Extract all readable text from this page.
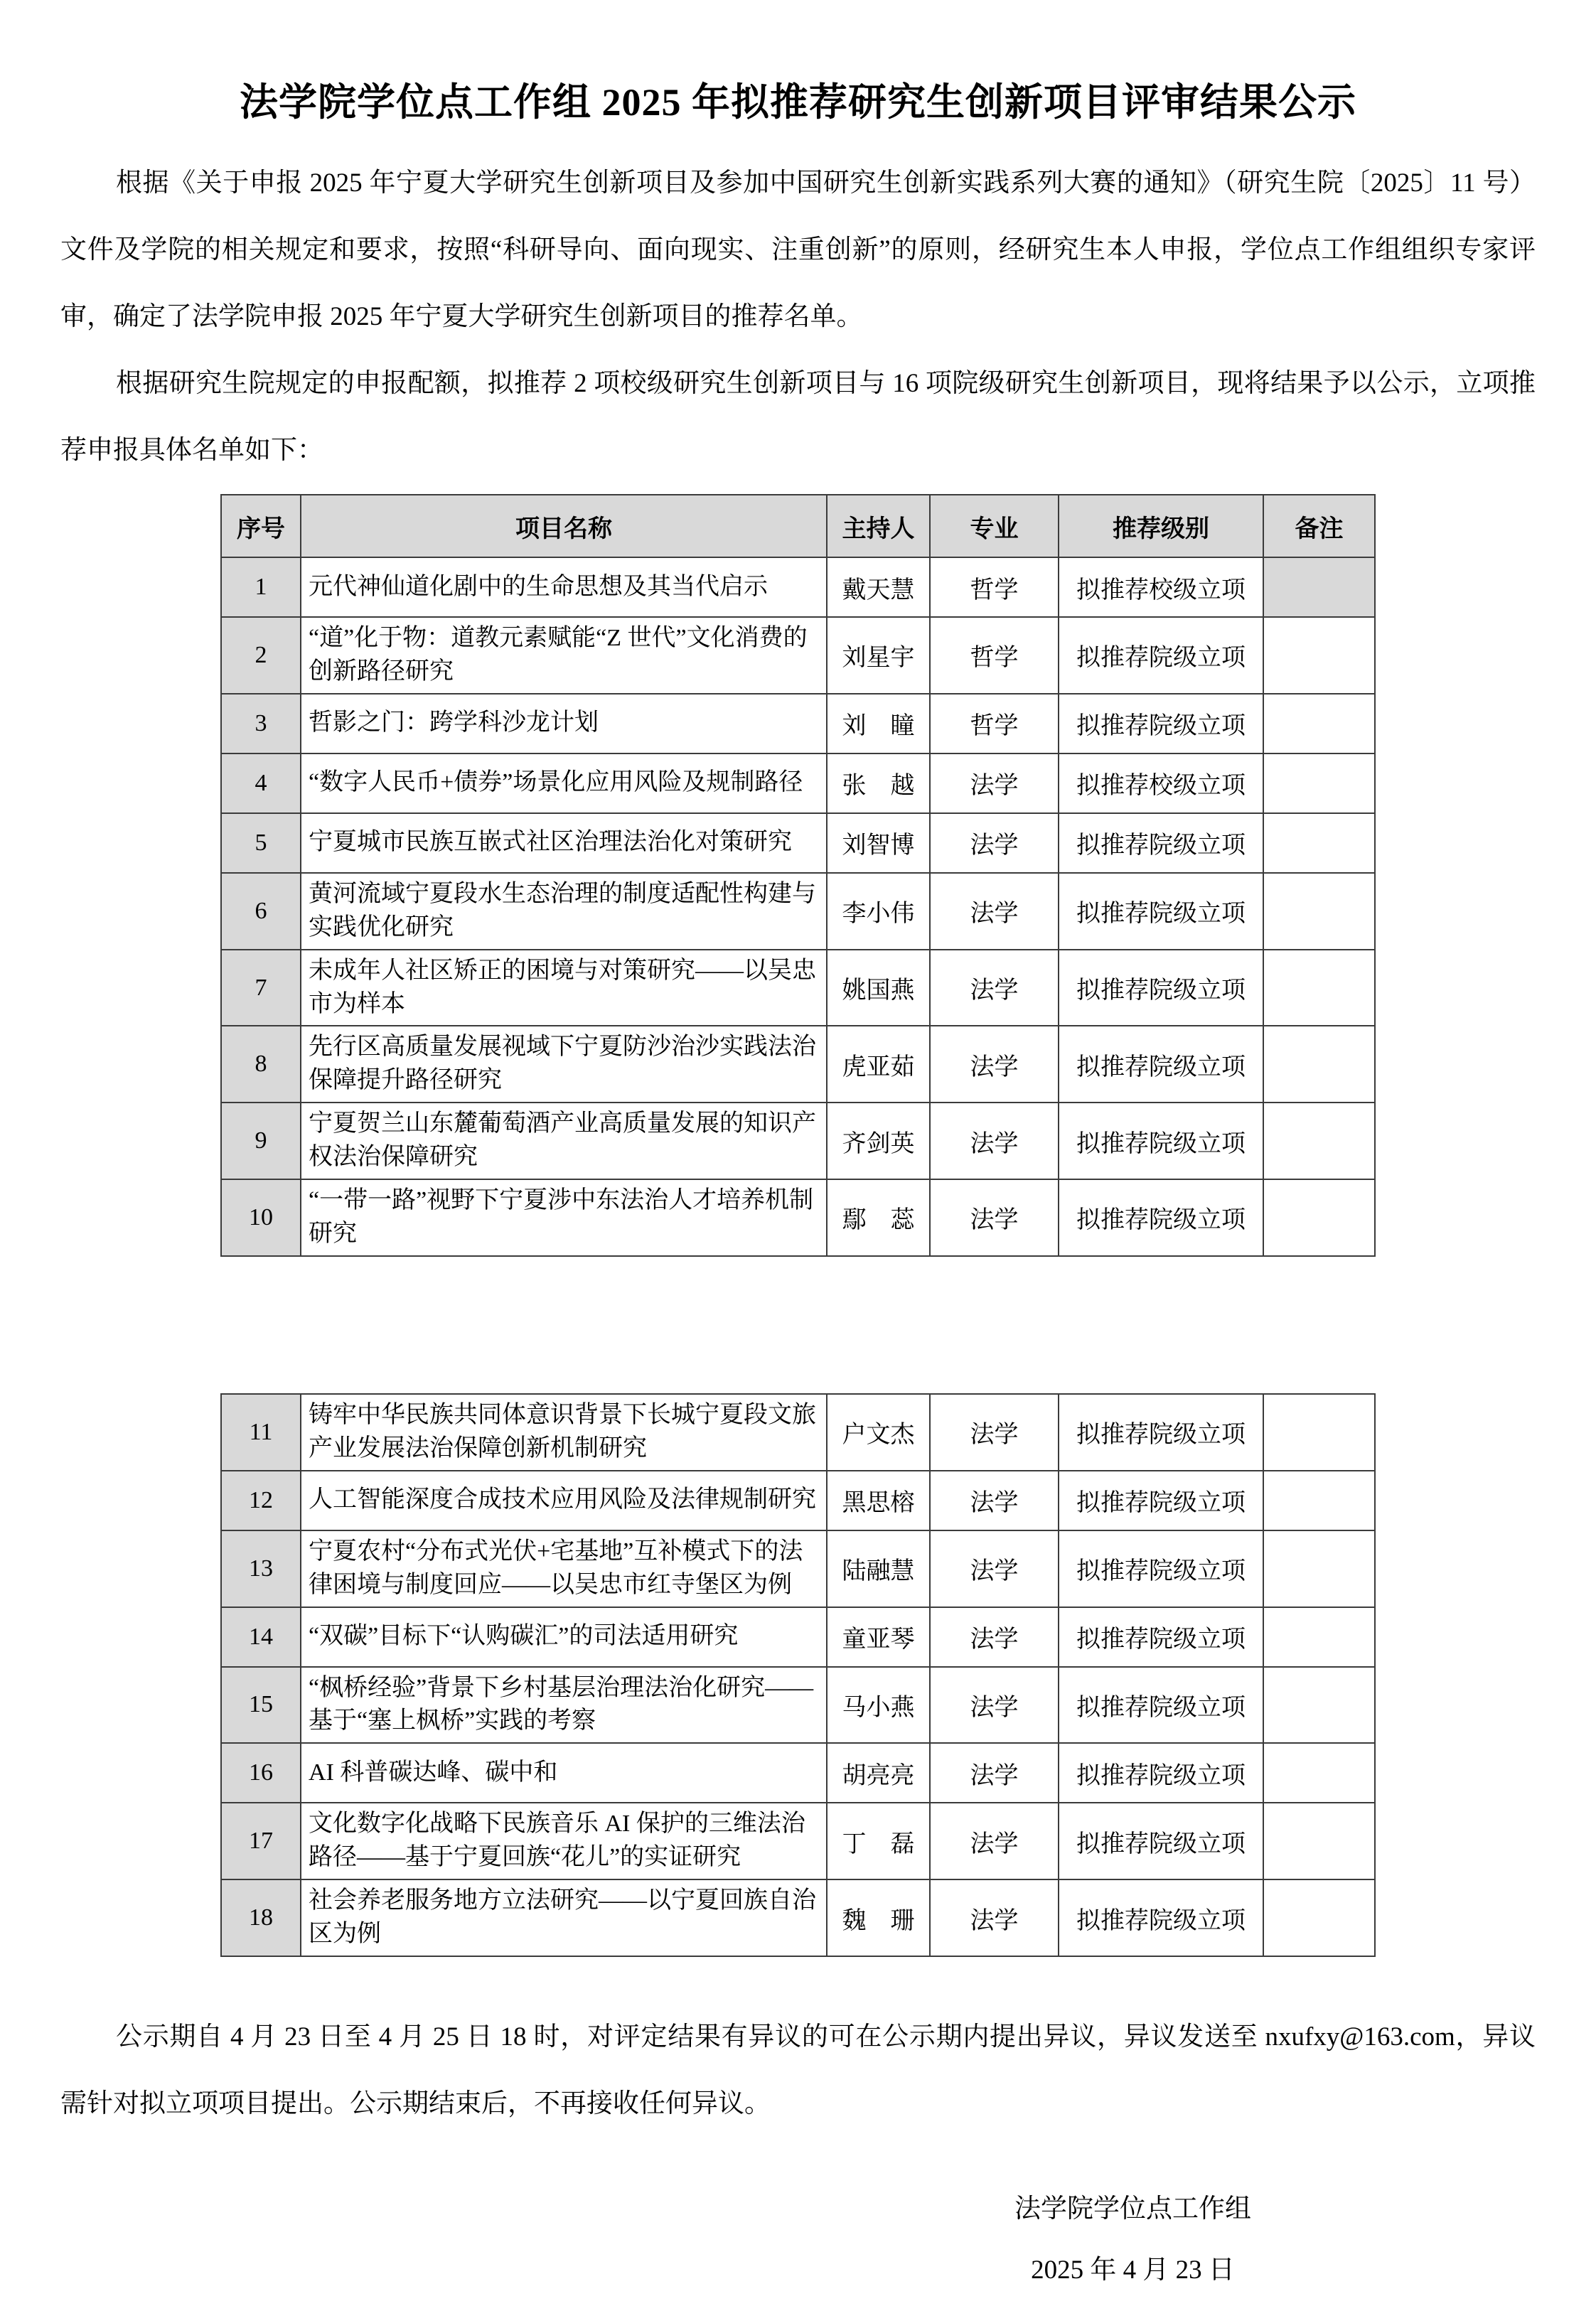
法学院学位点工作组 2025 年拟推荐研究生创新项目评审结果公示

根据《关于申报 2025 年宁夏大学研究生创新项目及参加中国研究生创新实践系列大赛的通知》（研究生院〔2025〕11 号）文件及学院的相关规定和要求，按照“科研导向、面向现实、注重创新”的原则，经研究生本人申报，学位点工作组组织专家评审，确定了法学院申报 2025 年宁夏大学研究生创新项目的推荐名单。

根据研究生院规定的申报配额，拟推荐 2 项校级研究生创新项目与 16 项院级研究生创新项目，现将结果予以公示，立项推荐申报具体名单如下：

序号	项目名称	主持人	专业	推荐级别	备注
1	元代神仙道化剧中的生命思想及其当代启示	戴天慧	哲学	拟推荐校级立项	
2	“道”化于物：道教元素赋能“Z 世代”文化消费的创新路径研究	刘星宇	哲学	拟推荐院级立项	
3	哲影之门：跨学科沙龙计划	刘　瞳	哲学	拟推荐院级立项	
4	“数字人民币+债券”场景化应用风险及规制路径	张　越	法学	拟推荐校级立项	
5	宁夏城市民族互嵌式社区治理法治化对策研究	刘智博	法学	拟推荐院级立项	
6	黄河流域宁夏段水生态治理的制度适配性构建与实践优化研究	李小伟	法学	拟推荐院级立项	
7	未成年人社区矫正的困境与对策研究——以吴忠市为样本	姚国燕	法学	拟推荐院级立项	
8	先行区高质量发展视域下宁夏防沙治沙实践法治保障提升路径研究	虎亚茹	法学	拟推荐院级立项	
9	宁夏贺兰山东麓葡萄酒产业高质量发展的知识产权法治保障研究	齐剑英	法学	拟推荐院级立项	
10	“一带一路”视野下宁夏涉中东法治人才培养机制研究	鄢　蕊	法学	拟推荐院级立项	
11	铸牢中华民族共同体意识背景下长城宁夏段文旅产业发展法治保障创新机制研究	户文杰	法学	拟推荐院级立项	
12	人工智能深度合成技术应用风险及法律规制研究	黑思榕	法学	拟推荐院级立项	
13	宁夏农村“分布式光伏+宅基地”互补模式下的法律困境与制度回应——以吴忠市红寺堡区为例	陆融慧	法学	拟推荐院级立项	
14	“双碳”目标下“认购碳汇”的司法适用研究	童亚琴	法学	拟推荐院级立项	
15	“枫桥经验”背景下乡村基层治理法治化研究——基于“塞上枫桥”实践的考察	马小燕	法学	拟推荐院级立项	
16	AI 科普碳达峰、碳中和	胡亮亮	法学	拟推荐院级立项	
17	文化数字化战略下民族音乐 AI 保护的三维法治路径——基于宁夏回族“花儿”的实证研究	丁　磊	法学	拟推荐院级立项	
18	社会养老服务地方立法研究——以宁夏回族自治区为例	魏　珊	法学	拟推荐院级立项	

公示期自 4 月 23 日至 4 月 25 日 18 时，对评定结果有异议的可在公示期内提出异议，异议发送至 nxufxy@163.com，异议需针对拟立项项目提出。公示期结束后，不再接收任何异议。

法学院学位点工作组
2025 年 4 月 23 日
